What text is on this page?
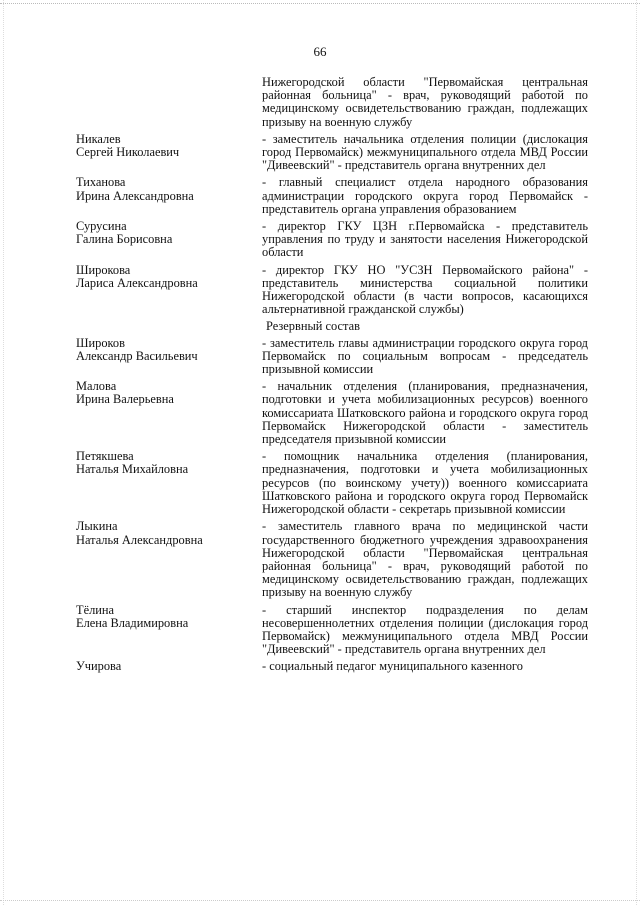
66

Нижегородской области "Первомайская центральная районная больница" - врач, руководящий работой по медицинскому освидетельствованию граждан, подлежащих призыву на военную службу

Никалев
Сергей Николаевич

- заместитель начальника отделения полиции (дислокация город Первомайск) межмуниципального отдела МВД России "Дивеевский" - представитель органа внутренних дел

Тиханова
Ирина Александровна

- главный специалист отдела народного образования администрации городского округа город Первомайск - представитель органа управления образованием

Сурусина
Галина Борисовна

- директор ГКУ ЦЗН г.Первомайска - представитель управления по труду и занятости населения Нижегородской области

Широкова
Лариса Александровна

- директор ГКУ НО "УСЗН Первомайского района" - представитель министерства социальной политики Нижегородской области (в части вопросов, касающихся альтернативной гражданской службы)

Резервный состав
Широков
Александр Васильевич

- заместитель главы администрации городского округа город Первомайск по социальным вопросам - председатель призывной комиссии

Малова
Ирина Валерьевна

- начальник отделения (планирования, предназначения, подготовки и учета мобилизационных ресурсов) военного комиссариата Шатковского района и городского округа город Первомайск Нижегородской области - заместитель председателя призывной комиссии

Петякшева
Наталья Михайловна

- помощник начальника отделения (планирования, предназначения, подготовки и учета мобилизационных ресурсов (по воинскому учету)) военного комиссариата Шатковского района и городского округа город Первомайск Нижегородской области - секретарь призывной комиссии

Лыкина
Наталья Александровна

- заместитель главного врача по медицинской части государственного бюджетного учреждения здравоохранения Нижегородской области "Первомайская центральная районная больница" - врач, руководящий работой по медицинскому освидетельствованию граждан, подлежащих призыву на военную службу

Тёлина
Елена Владимировна

- старший инспектор подразделения по делам несовершеннолетних отделения полиции (дислокация город Первомайск) межмуниципального отдела МВД России "Дивеевский" - представитель органа внутренних дел

Учирова	- социальный педагог муниципального казенного
